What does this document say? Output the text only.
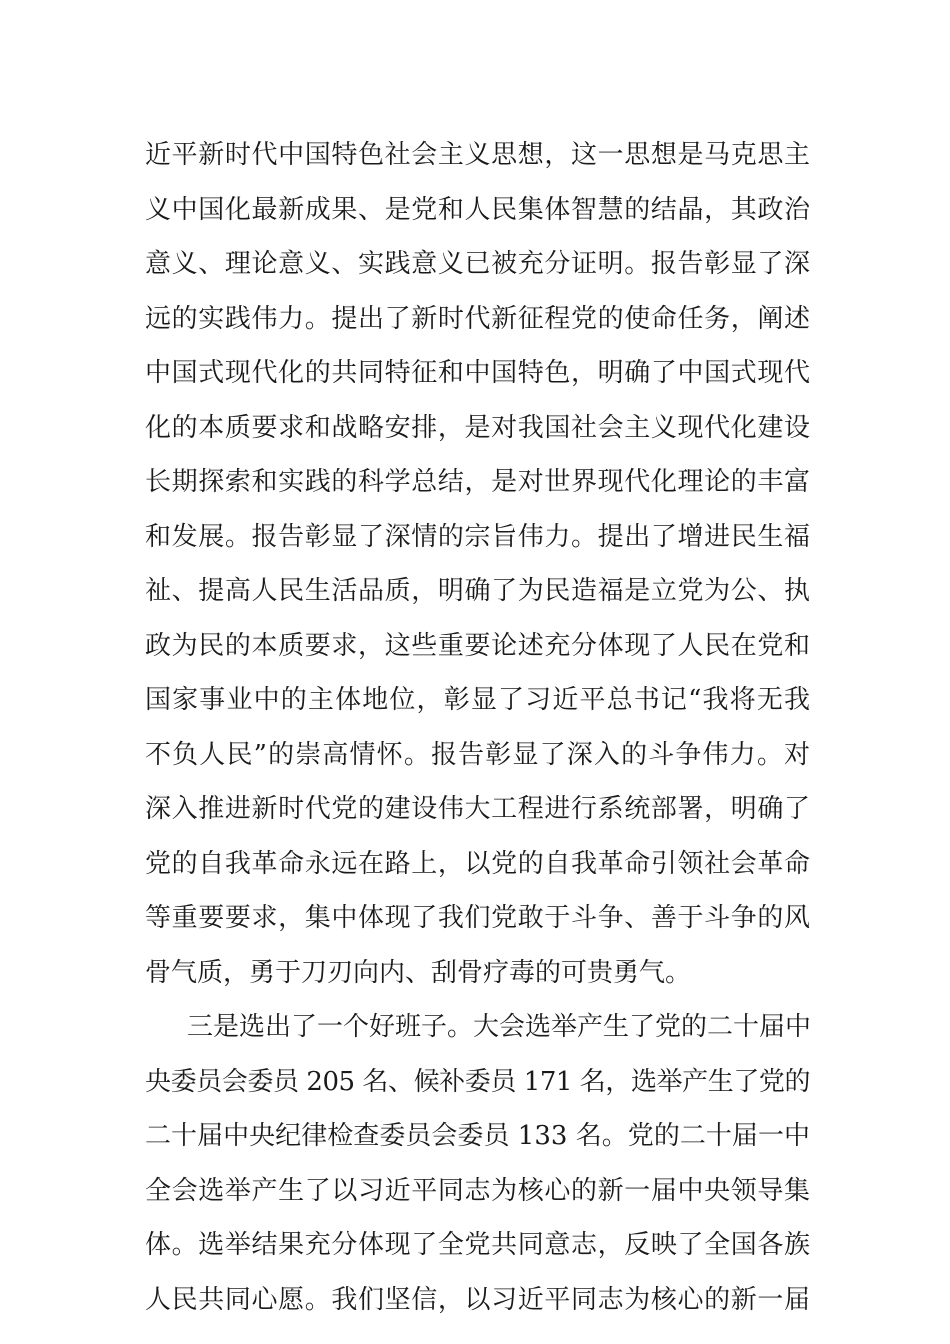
近平新时代中国特色社会主义思想，这一思想是马克思主
义中国化最新成果、是党和人民集体智慧的结晶，其政治
意义、理论意义、实践意义已被充分证明。报告彰显了深
远的实践伟力。提出了新时代新征程党的使命任务，阐述
中国式现代化的共同特征和中国特色，明确了中国式现代
化的本质要求和战略安排，是对我国社会主义现代化建设
长期探索和实践的科学总结，是对世界现代化理论的丰富
和发展。报告彰显了深情的宗旨伟力。提出了增进民生福
祉、提高人民生活品质，明确了为民造福是立党为公、执
政为民的本质要求，这些重要论述充分体现了人民在党和
国家事业中的主体地位，彰显了习近平总书记“我将无我
不负人民”的崇高情怀。报告彰显了深入的斗争伟力。对
深入推进新时代党的建设伟大工程进行系统部署，明确了
党的自我革命永远在路上，以党的自我革命引领社会革命
等重要要求，集中体现了我们党敢于斗争、善于斗争的风
骨气质，勇于刀刃向内、刮骨疗毒的可贵勇气。
三是选出了一个好班子。大会选举产生了党的二十届中
央委员会委员 205 名、候补委员 171 名，选举产生了党的
二十届中央纪律检查委员会委员 133 名。党的二十届一中
全会选举产生了以习近平同志为核心的新一届中央领导集
体。选举结果充分体现了全党共同意志，反映了全国各族
人民共同心愿。我们坚信，以习近平同志为核心的新一届
